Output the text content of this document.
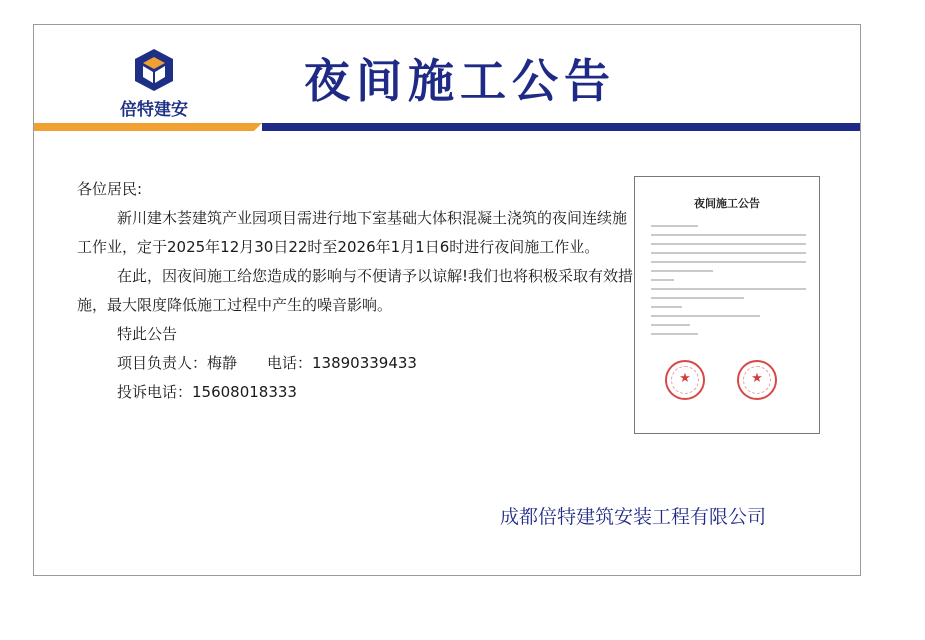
倍特建安
夜间施工公告

各位居民:

新川建木荟建筑产业园项目需进行地下室基础大体积混凝土浇筑的夜间连续施工作业，定于2025年12月30日22时至2026年1月1日6时进行夜间施工作业。

在此，因夜间施工给您造成的影响与不便请予以谅解!我们也将积极采取有效措施，最大限度降低施工过程中产生的噪音影响。

特此公告

项目负责人：梅静 电话：13890339433

投诉电话：15608018333

夜间施工公告
★
★
成都倍特建筑安装工程有限公司
